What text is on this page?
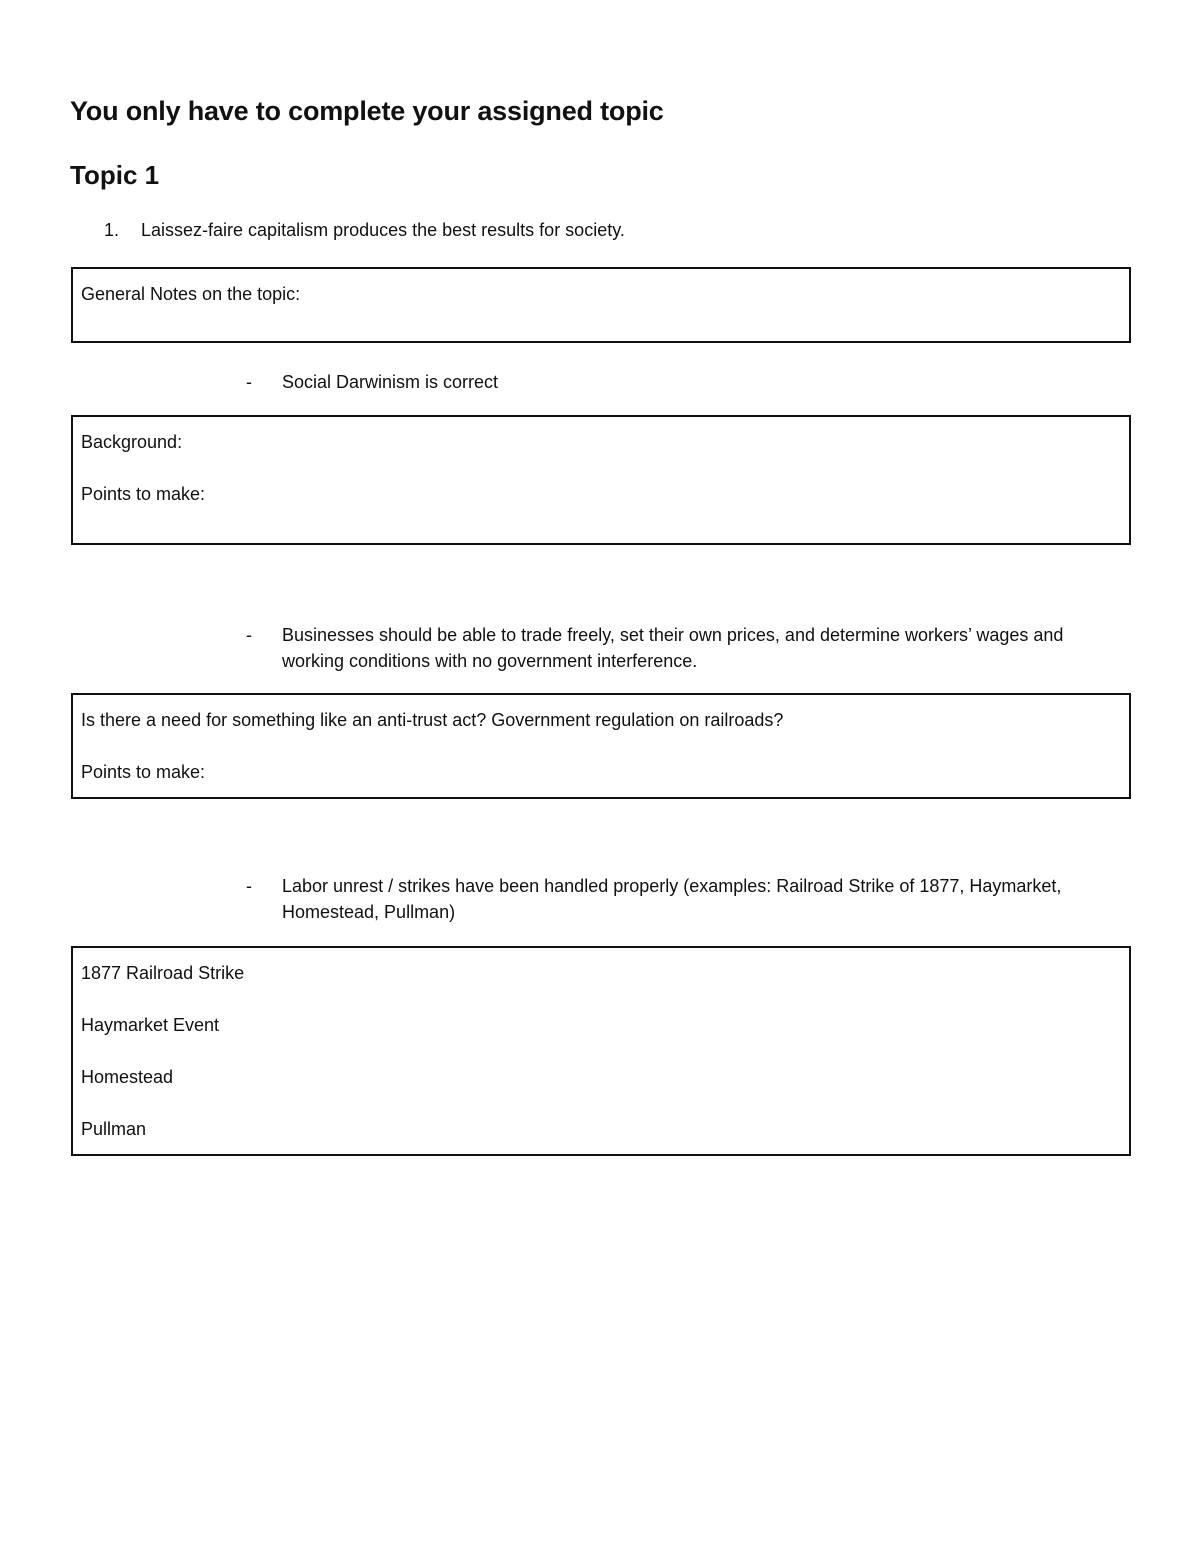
You only have to complete your assigned topic
Topic 1
1. Laissez-faire capitalism produces the best results for society.
General Notes on the topic:
- Social Darwinism is correct
Background:
Points to make:
- Businesses should be able to trade freely, set their own prices, and determine workers’ wages and working conditions with no government interference.
Is there a need for something like an anti-trust act? Government regulation on railroads?
Points to make:
- Labor unrest / strikes have been handled properly (examples: Railroad Strike of 1877, Haymarket, Homestead, Pullman)
1877 Railroad Strike
Haymarket Event
Homestead
Pullman
